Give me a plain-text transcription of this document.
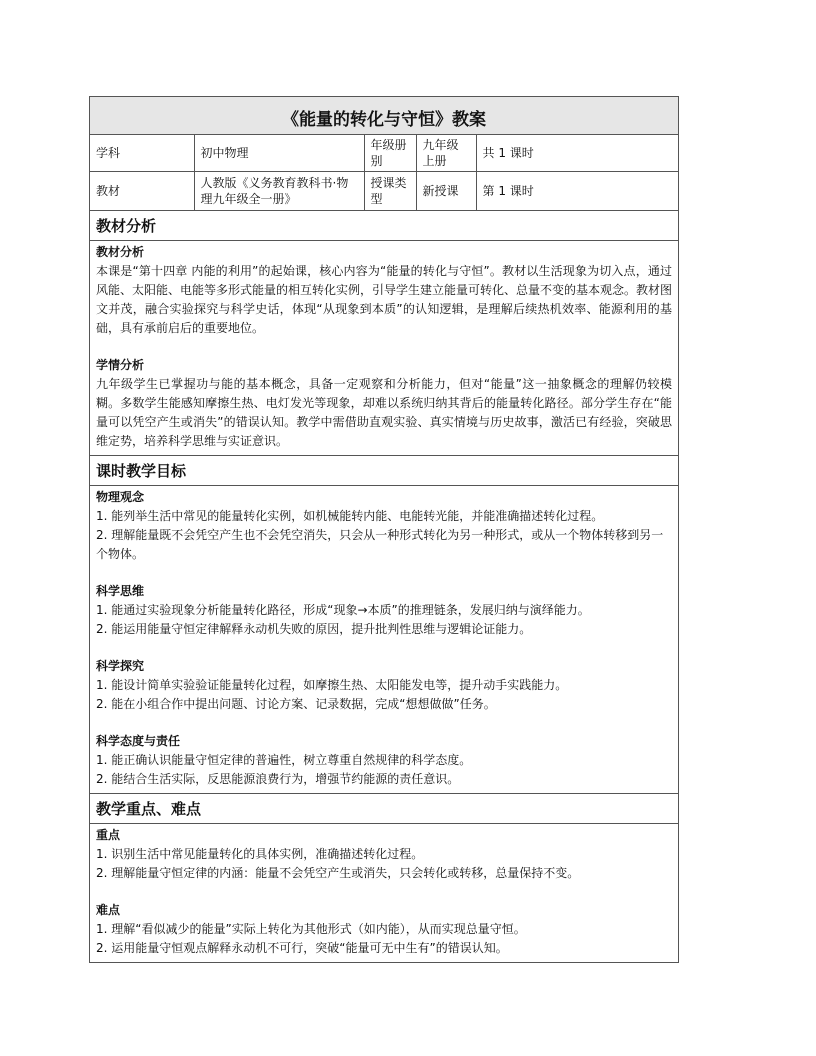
《能量的转化与守恒》教案
学科	初中物理	年级册别	九年级上册	共 1 课时
教材	人教版《义务教育教科书·物理九年级全一册》	授课类型	新授课	第 1 课时
教材分析
教材分析
本课是“第十四章 内能的利用”的起始课，核心内容为“能量的转化与守恒”。教材以生活现象为切入点，通过风能、太阳能、电能等多形式能量的相互转化实例，引导学生建立能量可转化、总量不变的基本观念。教材图文并茂，融合实验探究与科学史话，体现“从现象到本质”的认知逻辑，是理解后续热机效率、能源利用的基础，具有承前启后的重要地位。
学情分析
九年级学生已掌握功与能的基本概念，具备一定观察和分析能力，但对“能量”这一抽象概念的理解仍较模糊。多数学生能感知摩擦生热、电灯发光等现象，却难以系统归纳其背后的能量转化路径。部分学生存在“能量可以凭空产生或消失”的错误认知。教学中需借助直观实验、真实情境与历史故事，激活已有经验，突破思维定势，培养科学思维与实证意识。
课时教学目标
物理观念
1. 能列举生活中常见的能量转化实例，如机械能转内能、电能转光能，并能准确描述转化过程。
2. 理解能量既不会凭空产生也不会凭空消失，只会从一种形式转化为另一种形式，或从一个物体转移到另一个物体。
科学思维
1. 能通过实验现象分析能量转化路径，形成“现象→本质”的推理链条，发展归纳与演绎能力。
2. 能运用能量守恒定律解释永动机失败的原因，提升批判性思维与逻辑论证能力。
科学探究
1. 能设计简单实验验证能量转化过程，如摩擦生热、太阳能发电等，提升动手实践能力。
2. 能在小组合作中提出问题、讨论方案、记录数据，完成“想想做做”任务。
科学态度与责任
1. 能正确认识能量守恒定律的普遍性，树立尊重自然规律的科学态度。
2. 能结合生活实际，反思能源浪费行为，增强节约能源的责任意识。
教学重点、难点
重点
1. 识别生活中常见能量转化的具体实例，准确描述转化过程。
2. 理解能量守恒定律的内涵：能量不会凭空产生或消失，只会转化或转移，总量保持不变。
难点
1. 理解“看似减少的能量”实际上转化为其他形式（如内能），从而实现总量守恒。
2. 运用能量守恒观点解释永动机不可行，突破“能量可无中生有”的错误认知。
